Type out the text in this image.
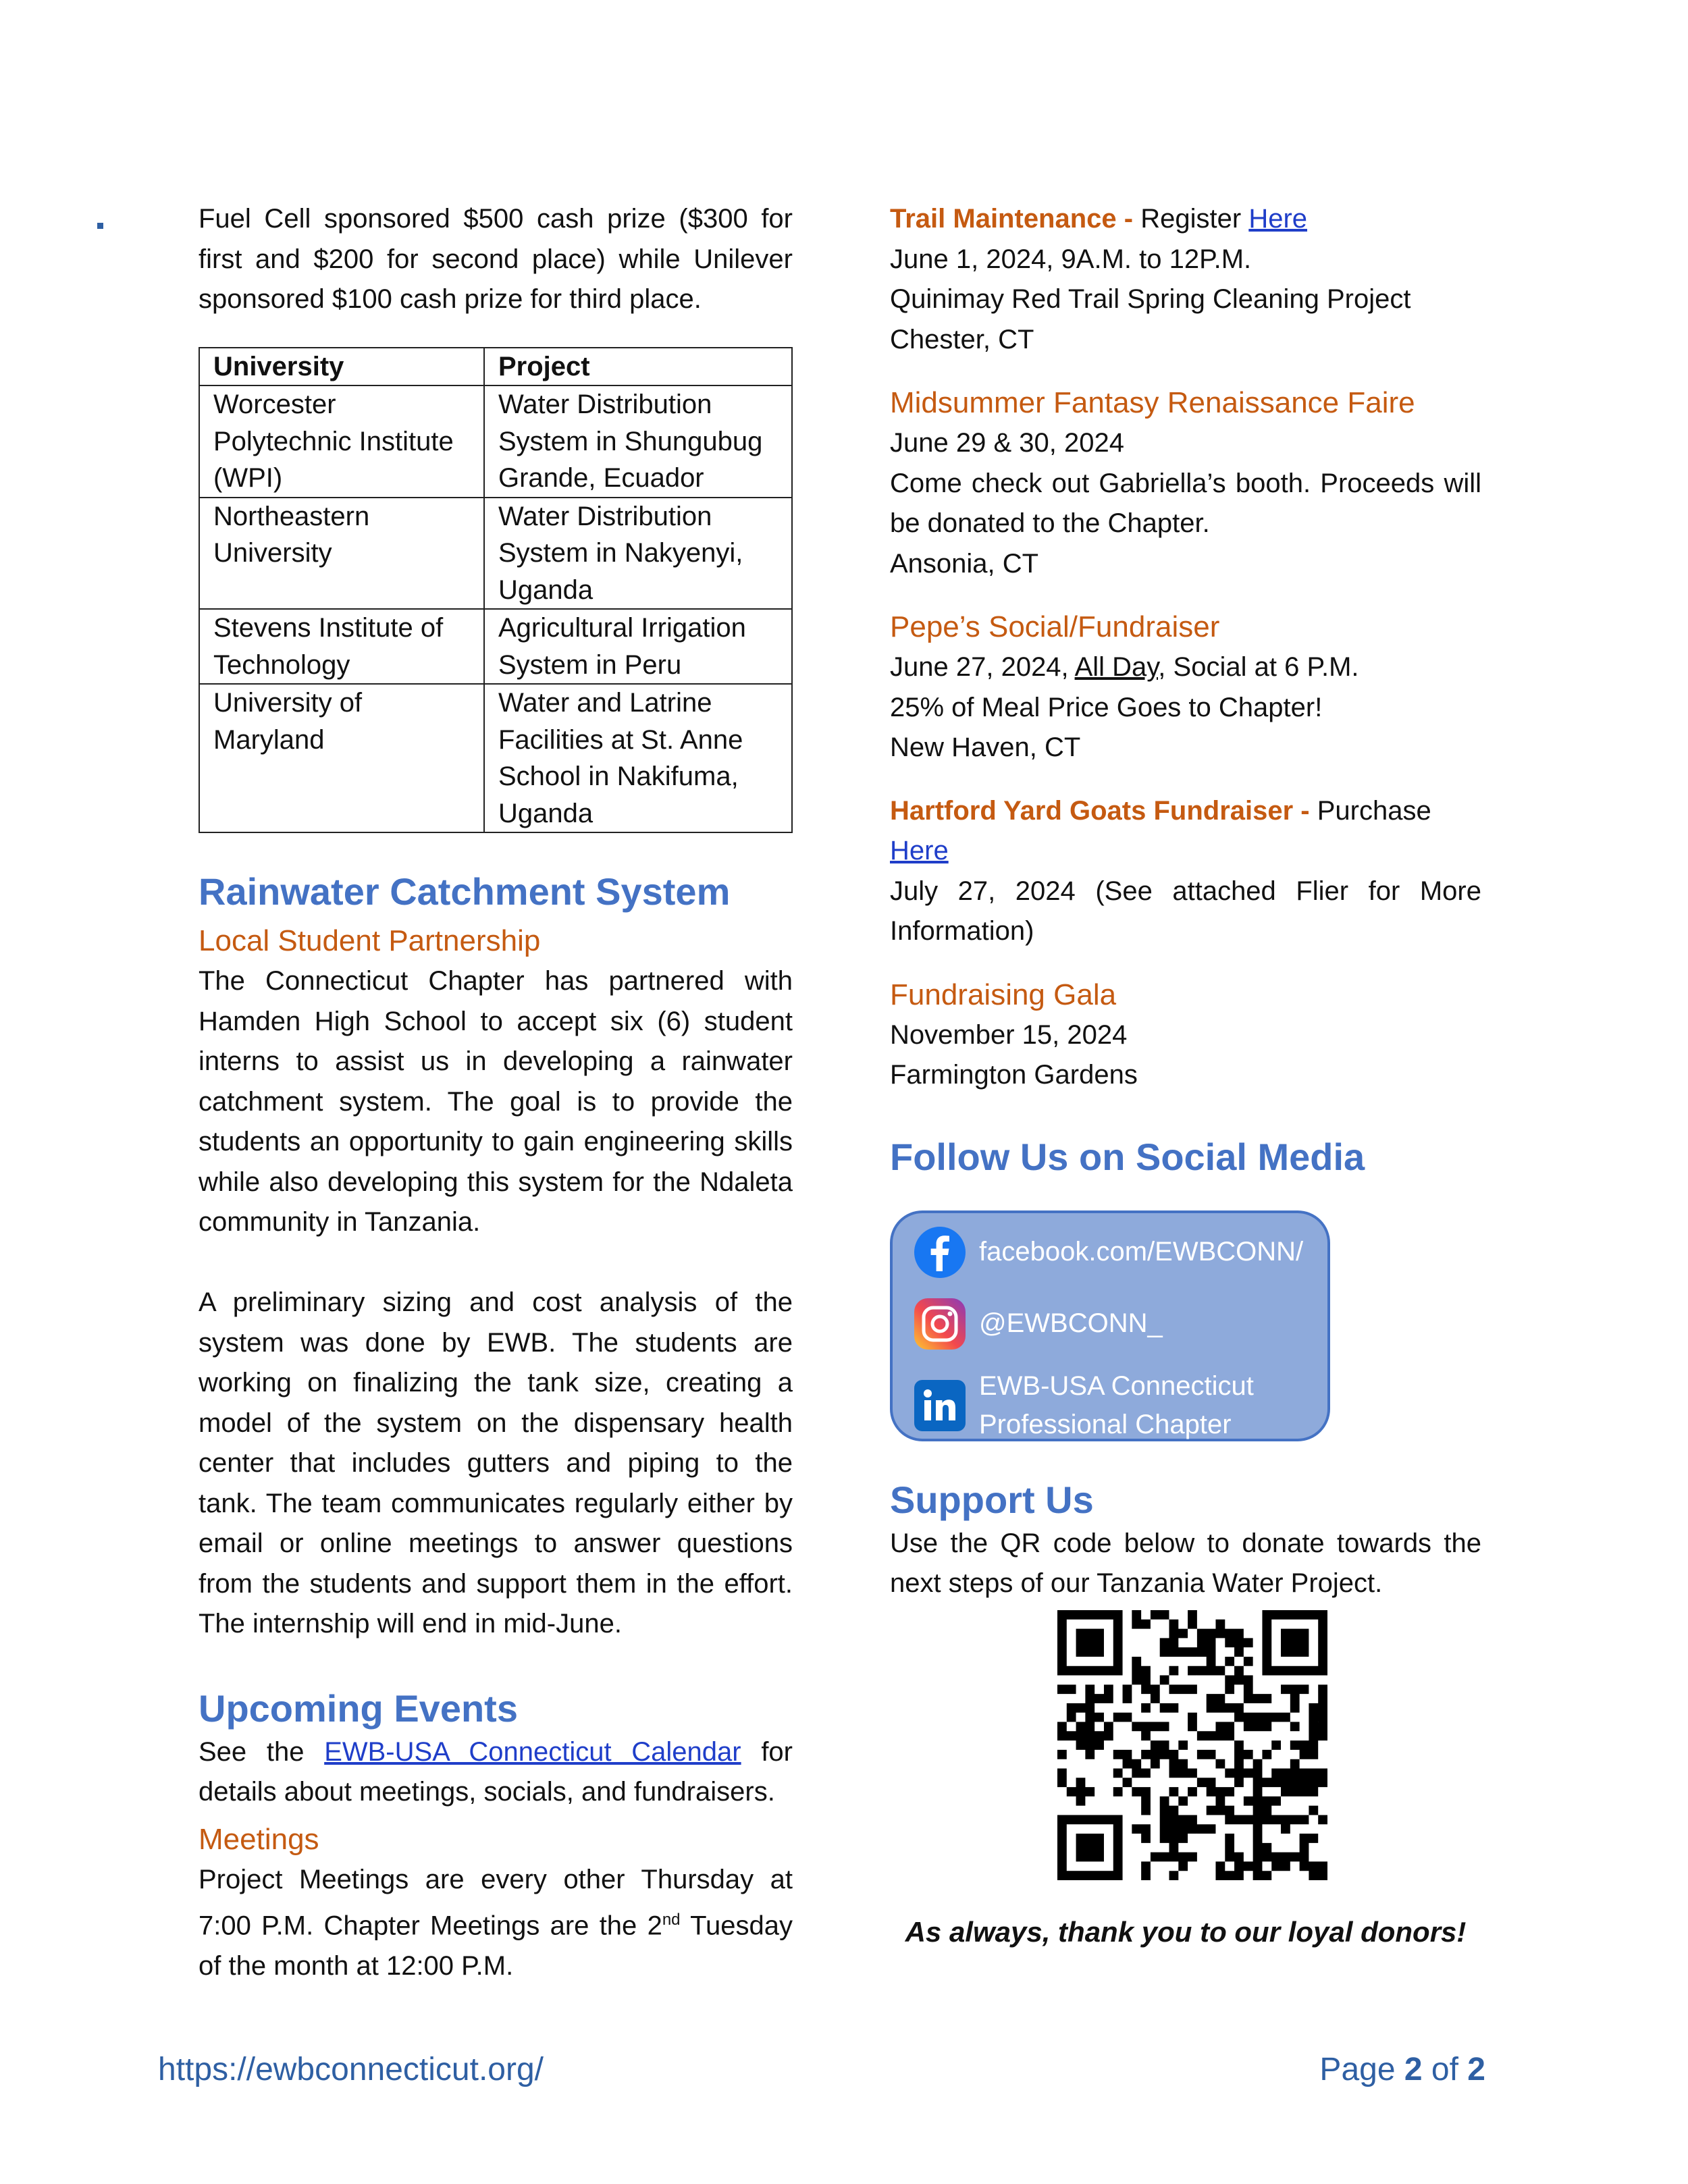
Fuel Cell sponsored $500 cash prize ($300 for
first and $200 for second place) while Unilever
sponsored $100 cash prize for third place.
University	Project
Worcester Polytechnic Institute (WPI)	Water Distribution System in Shungubug Grande, Ecuador
Northeastern University	Water Distribution System in Nakyenyi, Uganda
Stevens Institute of Technology	Agricultural Irrigation System in Peru
University of Maryland	Water and Latrine Facilities at St. Anne School in Nakifuma, Uganda
Rainwater Catchment System
Local Student Partnership

The Connecticut Chapter has partnered with Hamden High School to accept six (6) student interns to assist us in developing a rainwater catchment system. The goal is to provide the students an opportunity to gain engineering skills while also developing this system for the Ndaleta community in Tanzania.

A preliminary sizing and cost analysis of the system was done by EWB. The students are working on finalizing the tank size, creating a model of the system on the dispensary health center that includes gutters and piping to the tank. The team communicates regularly either by email or online meetings to answer questions from the students and support them in the effort. The internship will end in mid-June.

Upcoming Events

See the EWB-USA Connecticut Calendar for details about meetings, socials, and fundraisers.

Meetings

Project Meetings are every other Thursday at 7:00 P.M. Chapter Meetings are the 2nd Tuesday of the month at 12:00 P.M.

Trail Maintenance - Register Here
June 1, 2024, 9A.M. to 12P.M.
Quinimay Red Trail Spring Cleaning Project
Chester, CT
Midsummer Fantasy Renaissance Faire
June 29 & 30, 2024
Come check out Gabriella’s booth. Proceeds will be donated to the Chapter.
Ansonia, CT
Pepe’s Social/Fundraiser
June 27, 2024, All Day, Social at 6 P.M.
25% of Meal Price Goes to Chapter!
New Haven, CT
Hartford Yard Goats Fundraiser - Purchase Here

July 27, 2024 (See attached Flier for More Information)

Fundraising Gala
November 15, 2024
Farmington Gardens
Follow Us on Social Media
facebook.com/EWBCONN/
@EWBCONN_
EWB-USA Connecticut
Professional Chapter
Support Us

Use the QR code below to donate towards the next steps of our Tanzania Water Project.

As always, thank you to our loyal donors!
https://ewbconnecticut.org/	Page 2 of 2
